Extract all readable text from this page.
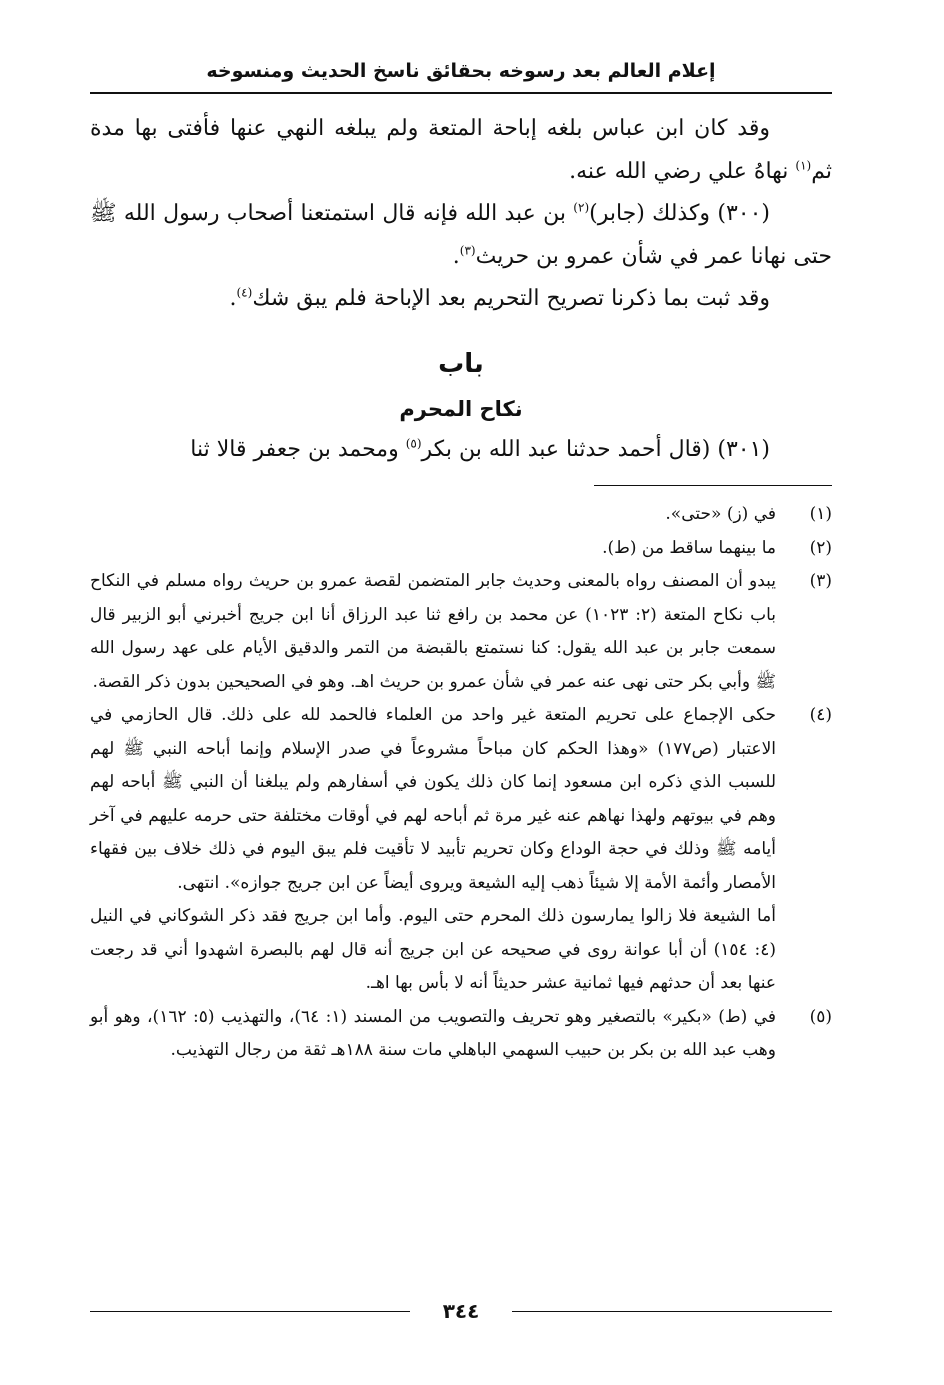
إعلام العالم بعد رسوخه بحقائق ناسخ الحديث ومنسوخه

وقد كان ابن عباس بلغه إباحة المتعة ولم يبلغه النهي عنها فأفتى بها مدة ثم$^{(١)}$ نهاهُ علي رضي الله عنه.

(٣٠٠) وكذلك (جابر)$^{(٢)}$ بن عبد الله فإنه قال استمتعنا أصحاب رسول الله ﷺ حتى نهانا عمر في شأن عمرو بن حريث$^{(٣)}$.

وقد ثبت بما ذكرنا تصريح التحريم بعد الإباحة فلم يبق شك$^{(٤)}$.

باب
نكاح المحرم

(٣٠١) (قال أحمد حدثنا عبد الله بن بكر$^{(٥)}$ ومحمد بن جعفر قالا ثنا

(١)

في (ز) «حتى».

(٢)

ما بينهما ساقط من (ط).

(٣)

يبدو أن المصنف رواه بالمعنى وحديث جابر المتضمن لقصة عمرو بن حريث رواه مسلم في النكاح باب نكاح المتعة (٢: ١٠٢٣) عن محمد بن رافع ثنا عبد الرزاق أنا ابن جريج أخبرني أبو الزبير قال سمعت جابر بن عبد الله يقول: كنا نستمتع بالقبضة من التمر والدقيق الأيام على عهد رسول الله ﷺ وأبي بكر حتى نهى عنه عمر في شأن عمرو بن حريث اهـ. وهو في الصحيحين بدون ذكر القصة.

(٤)

حكى الإجماع على تحريم المتعة غير واحد من العلماء فالحمد لله على ذلك. قال الحازمي في الاعتبار (ص١٧٧) «وهذا الحكم كان مباحاً مشروعاً في صدر الإسلام وإنما أباحه النبي ﷺ لهم للسبب الذي ذكره ابن مسعود إنما كان ذلك يكون في أسفارهم ولم يبلغنا أن النبي ﷺ أباحه لهم وهم في بيوتهم ولهذا نهاهم عنه غير مرة ثم أباحه لهم في أوقات مختلفة حتى حرمه عليهم في آخر أيامه ﷺ وذلك في حجة الوداع وكان تحريم تأبيد لا تأقيت فلم يبق اليوم في ذلك خلاف بين فقهاء الأمصار وأئمة الأمة إلا شيئاً ذهب إليه الشيعة ويروى أيضاً عن ابن جريج جوازه». انتهى.

أما الشيعة فلا زالوا يمارسون ذلك المحرم حتى اليوم. وأما ابن جريج فقد ذكر الشوكاني في النيل (٤: ١٥٤) أن أبا عوانة روى في صحيحه عن ابن جريج أنه قال لهم بالبصرة اشهدوا أني قد رجعت عنها بعد أن حدثهم فيها ثمانية عشر حديثاً أنه لا بأس بها اهـ.

(٥)

في (ط) «بكير» بالتصغير وهو تحريف والتصويب من المسند (١: ٦٤)، والتهذيب (٥: ١٦٢)، وهو أبو وهب عبد الله بن بكر بن حبيب السهمي الباهلي مات سنة ١٨٨هـ ثقة من رجال التهذيب.

٣٤٤
